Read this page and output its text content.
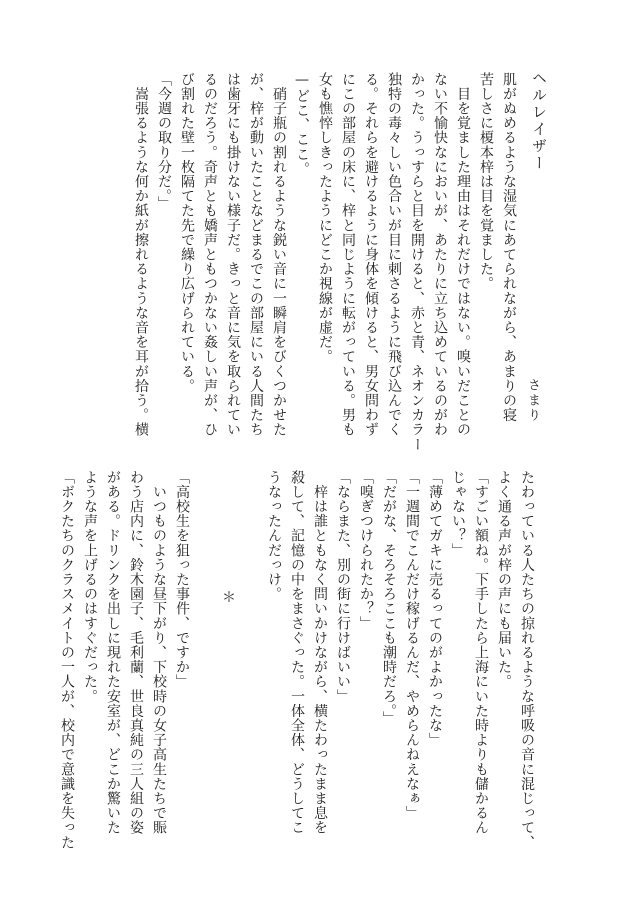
ヘルレイザー
さまり
肌がぬめるような湿気にあてられながら、あまりの寝
苦しさに榎本梓は目を覚ました。
　目を覚ました理由はそれだけではない。嗅いだことの
ない不愉快なにおいが、あたりに立ち込めているのがわ
かった。うっすらと目を開けると、赤と青、ネオンカラー
独特の毒々しい色合いが目に刺さるように飛び込んでく
る。それらを避けるように身体を傾けると、男女問わず
にこの部屋の床に、梓と同じように転がっている。男も
女も憔悴しきったようにどこか視線が虚だ。
—どこ、ここ。
　硝子瓶の割れるような鋭い音に一瞬肩をびくつかせた
が、梓が動いたことなどまるでこの部屋にいる人間たち
は歯牙にも掛けない様子だ。きっと音に気を取られてい
るのだろう。奇声とも嬌声ともつかない姦しい声が、ひ
び割れた壁一枚隔てた先で繰り広げられている。
「今週の取り分だ。」
　嵩張るような何か紙が擦れるような音を耳が拾う。横
たわっている人たちの掠れるような呼吸の音に混じって、
よく通る声が梓の声にも届いた。
「すごい額ね。下手したら上海にいた時よりも儲かるん
じゃない？」
「薄めてガキに売るってのがよかったな」
「一週間でこんだけ稼げるんだ、やめらんねえなぁ」
「だがな、そろそろここも潮時だろ。」
「嗅ぎつけられたか？」
「ならまた、別の街に行けばいい」
　梓は誰ともなく問いかけながら、横たわったまま息を
殺して、記憶の中をまさぐった。一体全体、どうしてこ
うなったんだっけ。

＊

「高校生を狙った事件、ですか」
　いつものような昼下がり、下校時の女子高生たちで賑
わう店内に、鈴木園子、毛利蘭、世良真純の三人組の姿
がある。ドリンクを出しに現れた安室が、どこか驚いた
ような声を上げるのはすぐだった。
「ボクたちのクラスメイトの一人が、校内で意識を失った
